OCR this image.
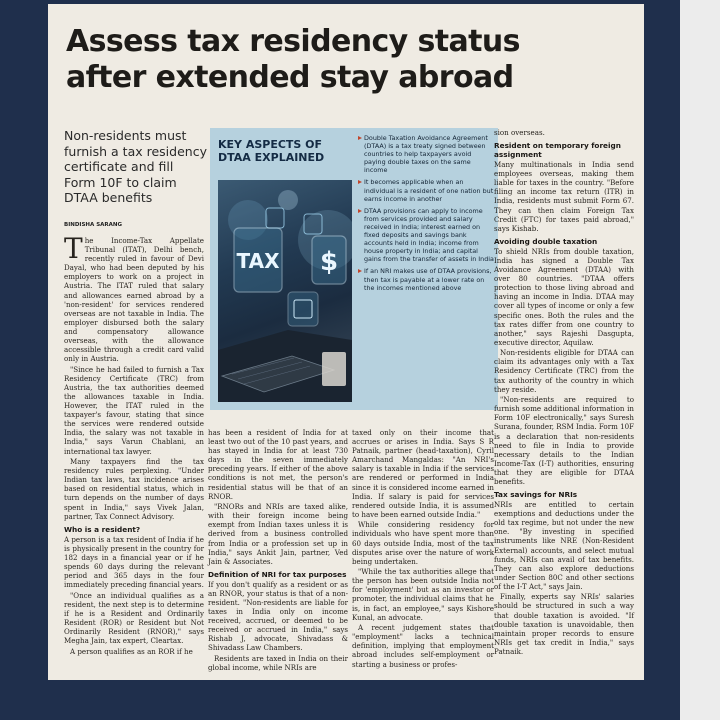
Assess tax residency status
after extended stay abroad
Non-residents must furnish a tax residency certificate and fill Form 10F to claim DTAA benefits
BINDISHA SARANG
KEY ASPECTS OF DTAA EXPLAINED
TAX $
Double Taxation Avoidance Agreement (DTAA) is a tax treaty signed between countries to help taxpayers avoid paying double taxes on the same income
It becomes applicable when an individual is a resident of one nation but earns income in another
DTAA provisions can apply to income from services provided and salary received in India; interest earned on fixed deposits and savings bank accounts held in India; income from house property in India; and capital gains from the transfer of assets in India
If an NRI makes use of DTAA provisions, then tax is payable at a lower rate on the incomes mentioned above

The Income-Tax Appellate Tribunal (ITAT), Delhi bench, recently ruled in favour of Devi Dayal, who had been deputed by his employers to work on a project in Austria. The ITAT ruled that salary and allowances earned abroad by a 'non-resident' for services rendered overseas are not taxable in India. The employer disbursed both the salary and compensatory allowance overseas, with the allowance accessible through a credit card valid only in Austria.

"Since he had failed to furnish a Tax Residency Certificate (TRC) from Austria, the tax authorities deemed the allowances taxable in India. However, the ITAT ruled in the taxpayer's favour, stating that since the services were rendered outside India, the salary was not taxable in India," says Varun Chablani, an international tax lawyer.

Many taxpayers find the tax residency rules perplexing. "Under Indian tax laws, tax incidence arises based on residential status, which in turn depends on the number of days spent in India," says Vivek Jalan, partner, Tax Connect Advisory.

Who is a resident?

A person is a tax resident of India if he is physically present in the country for 182 days in a financial year or if he spends 60 days during the relevant period and 365 days in the four immediately preceding financial years.

"Once an individual qualifies as a resident, the next step is to determine if he is a Resident and Ordinarily Resident (ROR) or Resident but Not Ordinarily Resident (RNOR)," says Megha Jain, tax expert, Cleartax.

A person qualifies as an ROR if he

has been a resident of India for at least two out of the 10 past years, and has stayed in India for at least 730 days in the seven immediately preceding years. If either of the above conditions is not met, the person's residential status will be that of an RNOR.

"RNORs and NRIs are taxed alike, with their foreign income being exempt from Indian taxes unless it is derived from a business controlled from India or a profession set up in India," says Ankit Jain, partner, Ved Jain & Associates.

Definition of NRI for tax purposes

If you don't qualify as a resident or as an RNOR, your status is that of a non-resident. "Non-residents are liable for taxes in India only on income received, accrued, or deemed to be received or accrued in India," says Rishab J, advocate, Shivadass & Shivadass Law Chambers.

Residents are taxed in India on their global income, while NRIs are

taxed only on their income that accrues or arises in India. Says S R Patnaik, partner (head-taxation), Cyril Amarchand Mangaldas: "An NRI's salary is taxable in India if the services are rendered or performed in India since it is considered income earned in India. If salary is paid for services rendered outside India, it is assumed to have been earned outside India."

While considering residency for individuals who have spent more than 60 days outside India, most of the tax disputes arise over the nature of work being undertaken.

"While the tax authorities allege that the person has been outside India not for 'employment' but as an investor or promoter, the individual claims that he is, in fact, an employee," says Kishore Kunal, an advocate.

A recent judgement states that "employment" lacks a technical definition, implying that employment abroad includes self-employment or starting a business or profes-

sion overseas.

Resident on temporary foreign assignment

Many multinationals in India send employees overseas, making them liable for taxes in the country. "Before filing an income tax return (ITR) in India, residents must submit Form 67. They can then claim Foreign Tax Credit (FTC) for taxes paid abroad," says Kishab.

Avoiding double taxation

To shield NRIs from double taxation, India has signed a Double Tax Avoidance Agreement (DTAA) with over 80 countries. "DTAA offers protection to those living abroad and having an income in India. DTAA may cover all types of income or only a few specific ones. Both the rules and the tax rates differ from one country to another," says Rajeshi Dasgupta, executive director, Aquilaw.

Non-residents eligible for DTAA can claim its advantages only with a Tax Residency Certificate (TRC) from the tax authority of the country in which they reside.

"Non-residents are required to furnish some additional information in Form 10F electronically," says Suresh Surana, founder, RSM India. Form 10F is a declaration that non-residents need to file in India to provide necessary details to the Indian Income-Tax (I-T) authorities, ensuring that they are eligible for DTAA benefits.

Tax savings for NRIs

NRIs are entitled to certain exemptions and deductions under the old tax regime, but not under the new one. "By investing in specified instruments like NRE (Non-Resident External) accounts, and select mutual funds, NRIs can avail of tax benefits. They can also explore deductions under Section 80C and other sections of the I-T Act," says Jain.

Finally, experts say NRIs' salaries should be structured in such a way that double taxation is avoided. "If double taxation is unavoidable, then maintain proper records to ensure NRIs get tax credit in India," says Patnaik.
